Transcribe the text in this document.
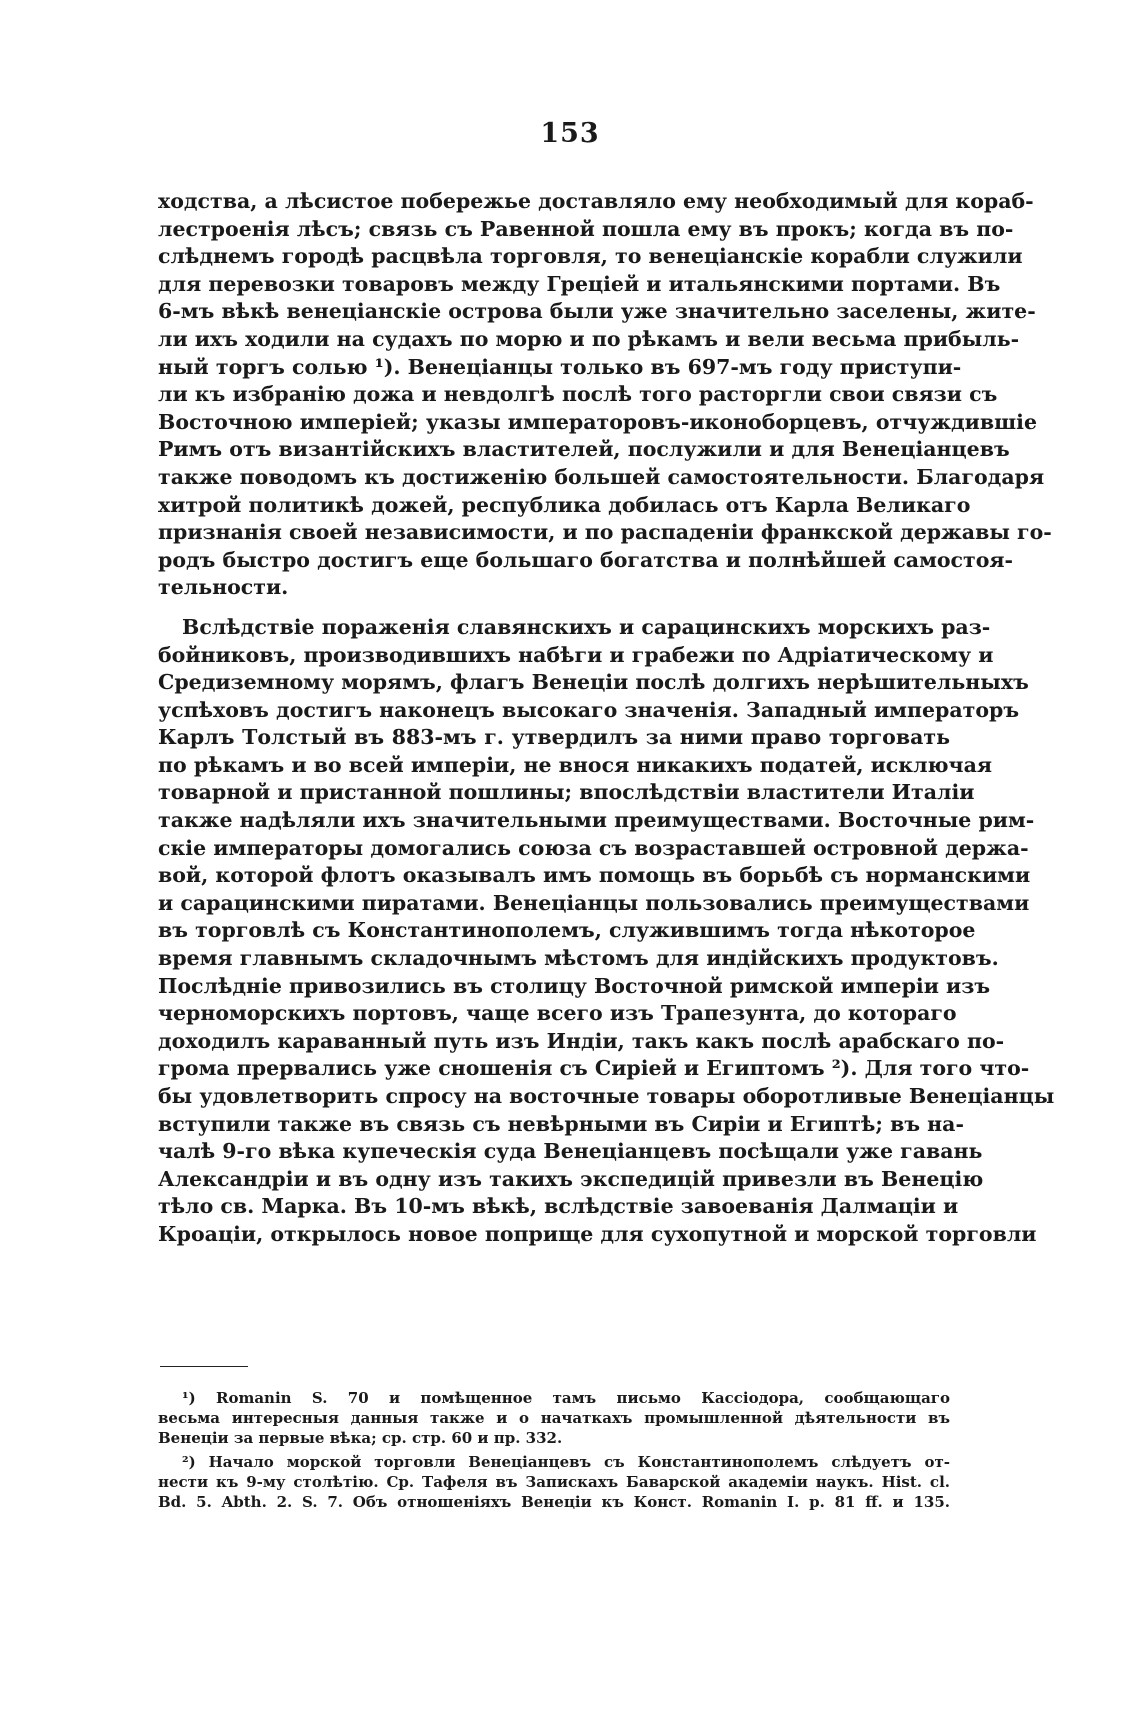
153

ходства, а лѣсистое побережье доставляло ему необходимый для кораб-
лестроенія лѣсъ; связь съ Равенной пошла ему въ прокъ; когда въ по-
слѣднемъ городѣ расцвѣла торговля, то венеціанскіе корабли служили
для перевозки товаровъ между Греціей и итальянскими портами. Въ
6-мъ вѣкѣ венеціанскіе острова были уже значительно заселены, жите-
ли ихъ ходили на судахъ по морю и по рѣкамъ и вели весьма прибыль-
ный торгъ солью ¹). Венеціанцы только въ 697-мъ году приступи-
ли къ избранію дожа и невдолгѣ послѣ того расторгли свои связи съ
Восточною имперіей; указы императоровъ-иконоборцевъ, отчуждившіе
Римъ отъ византійскихъ властителей, послужили и для Венеціанцевъ
также поводомъ къ достиженію большей самостоятельности. Благодаря
хитрой политикѣ дожей, республика добилась отъ Карла Великаго
признанія своей независимости, и по распаденіи франкской державы го-
родъ быстро достигъ еще большаго богатства и полнѣйшей самостоя-
тельности.

Вслѣдствіе пораженія славянскихъ и сарацинскихъ морскихъ раз-
бойниковъ, производившихъ набѣги и грабежи по Адріатическому и
Средиземному морямъ, флагъ Венеціи послѣ долгихъ нерѣшительныхъ
успѣховъ достигъ наконецъ высокаго значенія. Западный императоръ
Карлъ Толстый въ 883-мъ г. утвердилъ за ними право торговать
по рѣкамъ и во всей имперіи, не внося никакихъ податей, исключая
товарной и пристанной пошлины; впослѣдствіи властители Италіи
также надѣляли ихъ значительными преимуществами. Восточные рим-
скіе императоры домогались союза съ возраставшей островной держа-
вой, которой флотъ оказывалъ имъ помощь въ борьбѣ съ норманскими
и сарацинскими пиратами. Венеціанцы пользовались преимуществами
въ торговлѣ съ Константинополемъ, служившимъ тогда нѣкоторое
время главнымъ складочнымъ мѣстомъ для индійскихъ продуктовъ.
Послѣдніе привозились въ столицу Восточной римской имперіи изъ
черноморскихъ портовъ, чаще всего изъ Трапезунта, до котораго
доходилъ караванный путь изъ Индіи, такъ какъ послѣ арабскаго по-
грома прервались уже сношенія съ Сиріей и Египтомъ ²). Для того что-
бы удовлетворить спросу на восточные товары оборотливые Венеціанцы
вступили также въ связь съ невѣрными въ Сиріи и Египтѣ; въ на-
чалѣ 9-го вѣка купеческія суда Венеціанцевъ посѣщали уже гавань
Александріи и въ одну изъ такихъ экспедицій привезли въ Венецію
тѣло св. Марка. Въ 10-мъ вѣкѣ, вслѣдствіе завоеванія Далмаціи и
Кроаціи, открылось новое поприще для сухопутной и морской торговли

¹) Romanin S. 70 и помѣщенное тамъ письмо Кассіодора, сообщающаго
весьма интересныя данныя также и о начаткахъ промышленной дѣятельности въ
Венеціи за первые вѣка; ср. стр. 60 и пр. 332.
²) Начало морской торговли Венеціанцевъ съ Константинополемъ слѣдуетъ от-
нести къ 9-му столѣтію. Ср. Тафеля въ Запискахъ Баварской академіи наукъ. Hist. cl.
Bd. 5. Abth. 2. S. 7. Объ отношеніяхъ Венеціи къ Конст. Romanin I. p. 81 ff. и 135.
